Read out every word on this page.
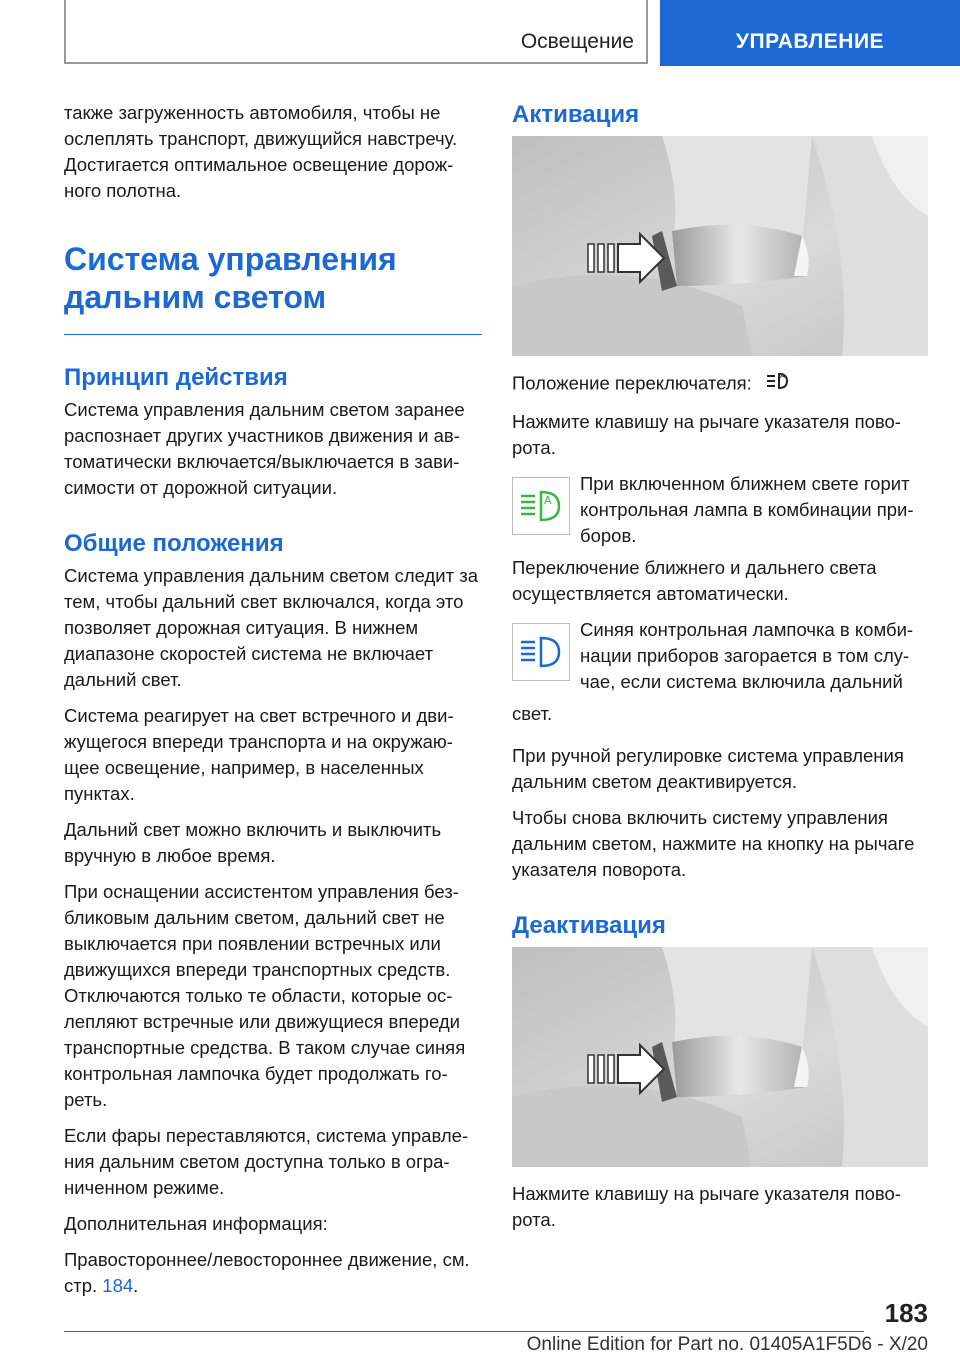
Освещение	УПРАВЛЕНИЕ

также загруженность автомобиля, чтобы не ослеплять транспорт, движущийся навстречу. Достигается оптимальное освещение дорожного полотна.

Система управления дальним светом
Принцип действия

Система управления дальним светом заранее распознает других участников движения и автоматически включается/выключается в зависимости от дорожной ситуации.

Общие положения

Система управления дальним светом следит за тем, чтобы дальний свет включался, когда это позволяет дорожная ситуация. В нижнем диапазоне скоростей система не включает дальний свет.

Система реагирует на свет встречного и движущегося впереди транспорта и на окружающее освещение, например, в населенных пунктах.

Дальний свет можно включить и выключить вручную в любое время.

При оснащении ассистентом управления безбликовым дальним светом, дальний свет не выключается при появлении встречных или движущихся впереди транспортных средств. Отключаются только те области, которые ослепляют встречные или движущиеся впереди транспортные средства. В таком случае синяя контрольная лампочка будет продолжать гореть.

Если фары переставляются, система управления дальним светом доступна только в ограниченном режиме.

Дополнительная информация:

Правостороннее/левостороннее движение, см. стр. 184.

Активация

Положение переключателя:	A

Нажмите клавишу на рычаге указателя поворота.

A

При включенном ближнем свете горит контрольная лампа в комбинации приборов.

Переключение ближнего и дальнего света осуществляется автоматически.

Синяя контрольная лампочка в комбинации приборов загорается в том случае, если система включила дальний

свет.

При ручной регулировке система управления дальним светом деактивируется.

Чтобы снова включить систему управления дальним светом, нажмите на кнопку на рычаге указателя поворота.

Деактивация

Нажмите клавишу на рычаге указателя поворота.

183
Online Edition for Part no. 01405A1F5D6 - X/20
